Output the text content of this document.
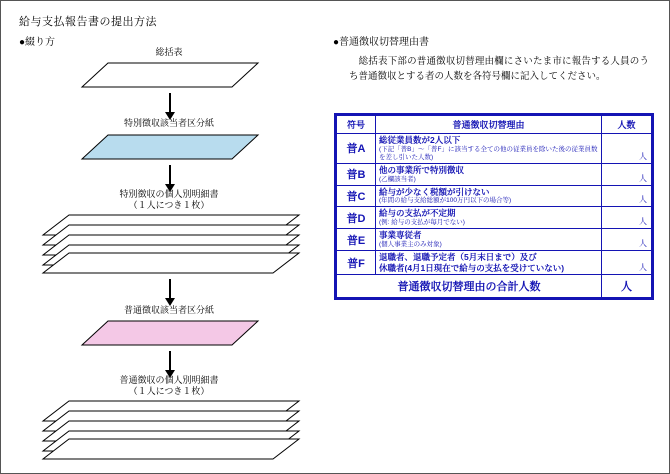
給与支払報告書の提出方法
●綴り方	●普通徴収切替理由書
　総括表下部の普通徴収切替理由欄にさいたま市に報告する人員のうち普通徴収とする者の人数を各符号欄に記入してください。
総括表
特別徴収該当者区分紙
特別徴収の個人別明細書
（１人につき１枚）
普通徴収該当者区分紙
普通徴収の個人別明細書
（１人につき１枚）
符号	普通徴収切替理由	人数
普A	総従業員数が2人以下
(下記「普B」～「普F」に該当する全ての他の従業員を除いた後の従業員数を差し引いた人数)	人
普B	他の事業所で特別徴収
(乙欄該当者)	人
普C	給与が少なく税額が引けない
(年間の給与支給総額が100万円以下の場合等)	人
普D	給与の支払が不定期
(例: 給与の支払が毎月でない)	人
普E	事業専従者
(個人事業主のみ対象)	人
普F	退職者、退職予定者（5月末日まで）及び
休職者(4月1日現在で給与の支払を受けていない)	人
普通徴収切替理由の合計人数		人
